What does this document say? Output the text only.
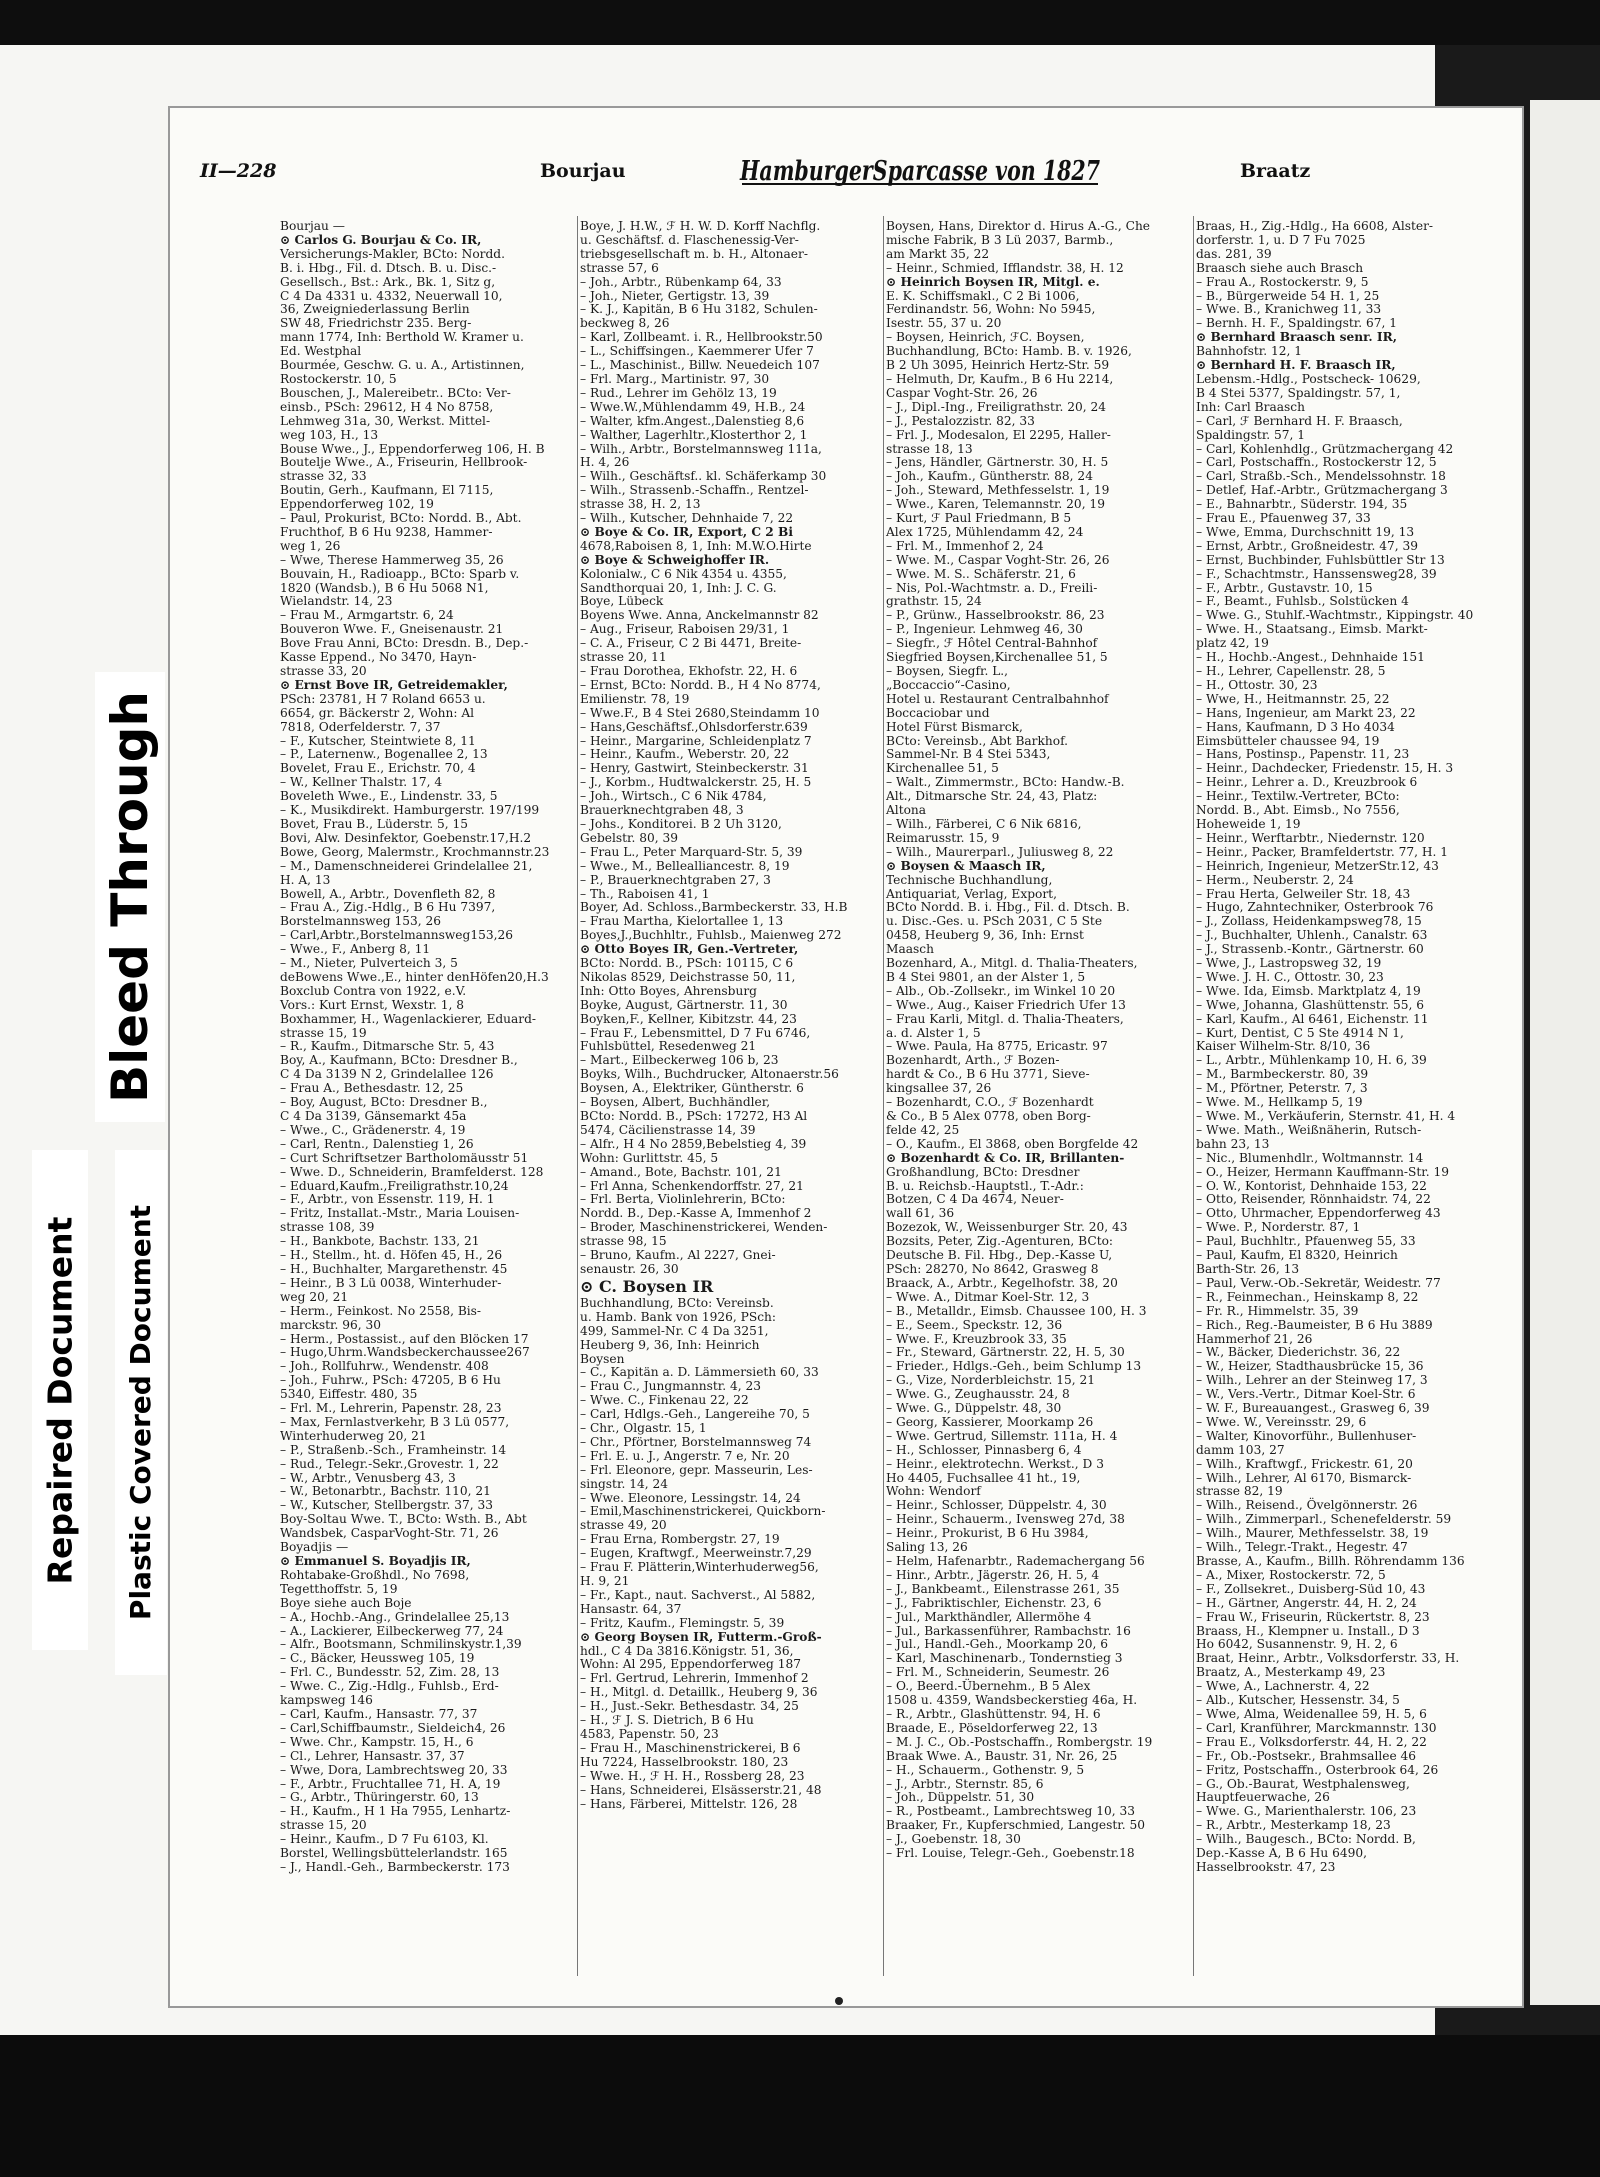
II—228	Bourjau	HamburgerSparcasse von 1827	Braatz
Bourjau —
⊙ Carlos G. Bourjau & Co. IR,
Versicherungs-Makler, BCto: Nordd.
B. i. Hbg., Fil. d. Dtsch. B. u. Disc.-
Gesellsch., Bst.: Ark., Bk. 1, Sitz g,
C 4 Da 4331 u. 4332, Neuerwall 10,
36, Zweigniederlassung Berlin
SW 48, Friedrichstr 235. Berg-
mann 1774, Inh: Berthold W. Kramer u.
Ed. Westphal
Bourmée, Geschw. G. u. A., Artistinnen,
Rostockerstr. 10, 5
Bouschen, J., Malereibetr.. BCto: Ver-
einsb., PSch: 29612, H 4 No 8758,
Lehmweg 31a, 30, Werkst. Mittel-
weg 103, H., 13
Bouse Wwe., J., Eppendorferweg 106, H. B
Boutelje Wwe., A., Friseurin, Hellbrook-
strasse 32, 33
Boutin, Gerh., Kaufmann, El 7115,
Eppendorferweg 102, 19
– Paul, Prokurist, BCto: Nordd. B., Abt.
Fruchthof, B 6 Hu 9238, Hammer-
weg 1, 26
– Wwe, Therese Hammerweg 35, 26
Bouvain, H., Radioapp., BCto: Sparb v.
1820 (Wandsb.), B 6 Hu 5068 N1,
Wielandstr. 14, 23
– Frau M., Armgartstr. 6, 24
Bouveron Wwe. F., Gneisenaustr. 21
Bove Frau Anni, BCto: Dresdn. B., Dep.-
Kasse Eppend., No 3470, Hayn-
strasse 33, 20
⊙ Ernst Bove IR, Getreidemakler,
PSch: 23781, H 7 Roland 6653 u.
6654, gr. Bäckerstr 2, Wohn: Al
7818, Oderfelderstr. 7, 37
– F., Kutscher, Steintwiete 8, 11
– P., Laternenw., Bogenallee 2, 13
Bovelet, Frau E., Erichstr. 70, 4
– W., Kellner Thalstr. 17, 4
Boveleth Wwe., E., Lindenstr. 33, 5
– K., Musikdirekt. Hamburgerstr. 197/199
Bovet, Frau B., Lüderstr. 5, 15
Bovi, Alw. Desinfektor, Goebenstr.17,H.2
Bowe, Georg, Malermstr., Krochmannstr.23
– M., Damenschneiderei Grindelallee 21,
H. A, 13
Bowell, A., Arbtr., Dovenfleth 82, 8
– Frau A., Zig.-Hdlg., B 6 Hu 7397,
Borstelmannsweg 153, 26
– Carl,Arbtr.,Borstelmannsweg153,26
– Wwe., F., Anberg 8, 11
– M., Nieter, Pulverteich 3, 5
deBowens Wwe.,E., hinter denHöfen20,H.3
Boxclub Contra von 1922, e.V.
Vors.: Kurt Ernst, Wexstr. 1, 8
Boxhammer, H., Wagenlackierer, Eduard-
strasse 15, 19
– R., Kaufm., Ditmarsche Str. 5, 43
Boy, A., Kaufmann, BCto: Dresdner B.,
C 4 Da 3139 N 2, Grindelallee 126
– Frau A., Bethesdastr. 12, 25
– Boy, August, BCto: Dresdner B.,
C 4 Da 3139, Gänsemarkt 45a
– Wwe., C., Grädenerstr. 4, 19
– Carl, Rentn., Dalenstieg 1, 26
– Curt Schriftsetzer Bartholomäusstr 51
– Wwe. D., Schneiderin, Bramfelderst. 128
– Eduard,Kaufm.,Freiligrathstr.10,24
– F., Arbtr., von Essenstr. 119, H. 1
– Fritz, Installat.-Mstr., Maria Louisen-
strasse 108, 39
– H., Bankbote, Bachstr. 133, 21
– H., Stellm., ht. d. Höfen 45, H., 26
– H., Buchhalter, Margarethenstr. 45
– Heinr., B 3 Lü 0038, Winterhuder-
weg 20, 21
– Herm., Feinkost. No 2558, Bis-
marckstr. 96, 30
– Herm., Postassist., auf den Blöcken 17
– Hugo,Uhrm.Wandsbeckerchaussee267
– Joh., Rollfuhrw., Wendenstr. 408
– Joh., Fuhrw., PSch: 47205, B 6 Hu
5340, Eiffestr. 480, 35
– Frl. M., Lehrerin, Papenstr. 28, 23
– Max, Fernlastverkehr, B 3 Lü 0577,
Winterhuderweg 20, 21
– P., Straßenb.-Sch., Framheinstr. 14
– Rud., Telegr.-Sekr.,Grovestr. 1, 22
– W., Arbtr., Venusberg 43, 3
– W., Betonarbtr., Bachstr. 110, 21
– W., Kutscher, Stellbergstr. 37, 33
Boy-Soltau Wwe. T., BCto: Wsth. B., Abt
Wandsbek, CasparVoght-Str. 71, 26
Boyadjis —
⊙ Emmanuel S. Boyadjis IR,
Rohtabake-Großhdl., No 7698,
Tegetthoffstr. 5, 19
Boye siehe auch Boje
– A., Hochb.-Ang., Grindelallee 25,13
– A., Lackierer, Eilbeckerweg 77, 24
– Alfr., Bootsmann, Schmilinskystr.1,39
– C., Bäcker, Heussweg 105, 19
– Frl. C., Bundesstr. 52, Zim. 28, 13
– Wwe. C., Zig.-Hdlg., Fuhlsb., Erd-
kampsweg 146
– Carl, Kaufm., Hansastr. 77, 37
– Carl,Schiffbaumstr., Sieldeich4, 26
– Wwe. Chr., Kampstr. 15, H., 6
– Cl., Lehrer, Hansastr. 37, 37
– Wwe, Dora, Lambrechtsweg 20, 33
– F., Arbtr., Fruchtallee 71, H. A, 19
– G., Arbtr., Thüringerstr. 60, 13
– H., Kaufm., H 1 Ha 7955, Lenhartz-
strasse 15, 20
– Heinr., Kaufm., D 7 Fu 6103, Kl.
Borstel, Wellingsbüttelerlandstr. 165
– J., Handl.-Geh., Barmbeckerstr. 173
Boye, J. H.W., ℱ H. W. D. Korff Nachflg.
u. Geschäftsf. d. Flaschenessig-Ver-
triebsgesellschaft m. b. H., Altonaer-
strasse 57, 6
– Joh., Arbtr., Rübenkamp 64, 33
– Joh., Nieter, Gertigstr. 13, 39
– K. J., Kapitän, B 6 Hu 3182, Schulen-
beckweg 8, 26
– Karl, Zollbeamt. i. R., Hellbrookstr.50
– L., Schiffsingen., Kaemmerer Ufer 7
– L., Maschinist., Billw. Neuedeich 107
– Frl. Marg., Martinistr. 97, 30
– Rud., Lehrer im Gehölz 13, 19
– Wwe.W.,Mühlendamm 49, H.B., 24
– Walter, kfm.Angest.,Dalenstieg 8,6
– Walther, Lagerhltr.,Klosterthor 2, 1
– Wilh., Arbtr., Borstelmannsweg 111a,
H. 4, 26
– Wilh., Geschäftsf.. kl. Schäferkamp 30
– Wilh., Strassenb.-Schaffn., Rentzel-
strasse 38, H. 2, 13
– Wilh., Kutscher, Dehnhaide 7, 22
⊙ Boye & Co. IR, Export, C 2 Bi
4678,Raboisen 8, 1, Inh: M.W.O.Hirte
⊙ Boye & Schweighoffer IR.
Kolonialw., C 6 Nik 4354 u. 4355,
Sandthorquai 20, 1, Inh: J. C. G.
Boye, Lübeck
Boyens Wwe. Anna, Anckelmannstr 82
– Aug., Friseur, Raboisen 29/31, 1
– C. A., Friseur, C 2 Bi 4471, Breite-
strasse 20, 11
– Frau Dorothea, Ekhofstr. 22, H. 6
– Ernst, BCto: Nordd. B., H 4 No 8774,
Emilienstr. 78, 19
– Wwe.F., B 4 Stei 2680,Steindamm 10
– Hans,Geschäftsf.,Ohlsdorferstr.639
– Heinr., Margarine, Schleidenplatz 7
– Heinr., Kaufm., Weberstr. 20, 22
– Henry, Gastwirt, Steinbeckerstr. 31
– J., Korbm., Hudtwalckerstr. 25, H. 5
– Joh., Wirtsch., C 6 Nik 4784,
Brauerknechtgraben 48, 3
– Johs., Konditorei. B 2 Uh 3120,
Gebelstr. 80, 39
– Frau L., Peter Marquard-Str. 5, 39
– Wwe., M., Bellealliancestr. 8, 19
– P., Brauerknechtgraben 27, 3
– Th., Raboisen 41, 1
Boyer, Ad. Schloss.,Barmbeckerstr. 33, H.B
– Frau Martha, Kielortallee 1, 13
Boyes,J.,Buchhltr., Fuhlsb., Maienweg 272
⊙ Otto Boyes IR, Gen.-Vertreter,
BCto: Nordd. B., PSch: 10115, C 6
Nikolas 8529, Deichstrasse 50, 11,
Inh: Otto Boyes, Ahrensburg
Boyke, August, Gärtnerstr. 11, 30
Boyken,F., Kellner, Kibitzstr. 44, 23
– Frau F., Lebensmittel, D 7 Fu 6746,
Fuhlsbüttel, Resedenweg 21
– Mart., Eilbeckerweg 106 b, 23
Boyks, Wilh., Buchdrucker, Altonaerstr.56
Boysen, A., Elektriker, Güntherstr. 6
– Boysen, Albert, Buchhändler,
BCto: Nordd. B., PSch: 17272, H3 Al
5474, Cäcilienstrasse 14, 39
– Alfr., H 4 No 2859,Bebelstieg 4, 39
Wohn: Gurlittstr. 45, 5
– Amand., Bote, Bachstr. 101, 21
– Frl Anna, Schenkendorffstr. 27, 21
– Frl. Berta, Violinlehrerin, BCto:
Nordd. B., Dep.-Kasse A, Immenhof 2
– Broder, Maschinenstrickerei, Wenden-
strasse 98, 15
– Bruno, Kaufm., Al 2227, Gnei-
senaustr. 26, 30
⊙ C. Boysen IR
Buchhandlung, BCto: Vereinsb.
u. Hamb. Bank von 1926, PSch:
499, Sammel-Nr. C 4 Da 3251,
Heuberg 9, 36, Inh: Heinrich
Boysen
– C., Kapitän a. D. Lämmersieth 60, 33
– Frau C., Jungmannstr. 4, 23
– Wwe. C., Finkenau 22, 22
– Carl, Hdlgs.-Geh., Langereihe 70, 5
– Chr., Olgastr. 15, 1
– Chr., Pförtner, Borstelmannsweg 74
– Frl. E. u. J., Angerstr. 7 e, Nr. 20
– Frl. Eleonore, gepr. Masseurin, Les-
singstr. 14, 24
– Wwe. Eleonore, Lessingstr. 14, 24
– Emil,Maschinenstrickerei, Quickborn-
strasse 49, 20
– Frau Erna, Rombergstr. 27, 19
– Eugen, Kraftwgf., Meerweinstr.7,29
– Frau F. Plätterin,Winterhuderweg56,
H. 9, 21
– Fr., Kapt., naut. Sachverst., Al 5882,
Hansastr. 64, 37
– Fritz, Kaufm., Flemingstr. 5, 39
⊙ Georg Boysen IR, Futterm.-Groß-
hdl., C 4 Da 3816.Königstr. 51, 36,
Wohn: Al 295, Eppendorferweg 187
– Frl. Gertrud, Lehrerin, Immenhof 2
– H., Mitgl. d. Detaillk., Heuberg 9, 36
– H., Just.-Sekr. Bethesdastr. 34, 25
– H., ℱ J. S. Dietrich, B 6 Hu
4583, Papenstr. 50, 23
– Frau H., Maschinenstrickerei, B 6
Hu 7224, Hasselbrookstr. 180, 23
– Wwe. H., ℱ H. H., Rossberg 28, 23
– Hans, Schneiderei, Elsässerstr.21, 48
– Hans, Färberei, Mittelstr. 126, 28
Boysen, Hans, Direktor d. Hirus A.-G., Che
mische Fabrik, B 3 Lü 2037, Barmb.,
am Markt 35, 22
– Heinr., Schmied, Ifflandstr. 38, H. 12
⊙ Heinrich Boysen IR, Mitgl. e.
E. K. Schiffsmakl., C 2 Bi 1006,
Ferdinandstr. 56, Wohn: No 5945,
Isestr. 55, 37 u. 20
– Boysen, Heinrich, ℱC. Boysen,
Buchhandlung, BCto: Hamb. B. v. 1926,
B 2 Uh 3095, Heinrich Hertz-Str. 59
– Helmuth, Dr, Kaufm., B 6 Hu 2214,
Caspar Voght-Str. 26, 26
– J., Dipl.-Ing., Freiligrathstr. 20, 24
– J., Pestalozzistr. 82, 33
– Frl. J., Modesalon, El 2295, Haller-
strasse 18, 13
– Jens, Händler, Gärtnerstr. 30, H. 5
– Joh., Kaufm., Güntherstr. 88, 24
– Joh., Steward, Methfesselstr. 1, 19
– Wwe., Karen, Telemannstr. 20, 19
– Kurt, ℱ Paul Friedmann, B 5
Alex 1725, Mühlendamm 42, 24
– Frl. M., Immenhof 2, 24
– Wwe. M., Caspar Voght-Str. 26, 26
– Wwe. M. S.. Schäferstr. 21, 6
– Nis, Pol.-Wachtmstr. a. D., Freili-
grathstr. 15, 24
– P., Grünw., Hasselbrookstr. 86, 23
– P., Ingenieur. Lehmweg 46, 30
– Siegfr., ℱ Hôtel Central-Bahnhof
Siegfried Boysen,Kirchenallee 51, 5
– Boysen, Siegfr. L.,
„Boccaccio“-Casino,
Hotel u. Restaurant Centralbahnhof
Boccaciobar und
Hotel Fürst Bismarck,
BCto: Vereinsb., Abt Barkhof.
Sammel-Nr. B 4 Stei 5343,
Kirchenallee 51, 5
– Walt., Zimmermstr., BCto: Handw.-B.
Alt., Ditmarsche Str. 24, 43, Platz:
Altona
– Wilh., Färberei, C 6 Nik 6816,
Reimarusstr. 15, 9
– Wilh., Maurerparl., Juliusweg 8, 22
⊙ Boysen & Maasch IR,
Technische Buchhandlung,
Antiquariat, Verlag, Export,
BCto Nordd. B. i. Hbg., Fil. d. Dtsch. B.
u. Disc.-Ges. u. PSch 2031, C 5 Ste
0458, Heuberg 9, 36, Inh: Ernst
Maasch
Bozenhard, A., Mitgl. d. Thalia-Theaters,
B 4 Stei 9801, an der Alster 1, 5
– Alb., Ob.-Zollsekr., im Winkel 10 20
– Wwe., Aug., Kaiser Friedrich Ufer 13
– Frau Karli, Mitgl. d. Thalia-Theaters,
a. d. Alster 1, 5
– Wwe. Paula, Ha 8775, Ericastr. 97
Bozenhardt, Arth., ℱ Bozen-
hardt & Co., B 6 Hu 3771, Sieve-
kingsallee 37, 26
– Bozenhardt, C.O., ℱ Bozenhardt
& Co., B 5 Alex 0778, oben Borg-
felde 42, 25
– O., Kaufm., El 3868, oben Borgfelde 42
⊙ Bozenhardt & Co. IR, Brillanten-
Großhandlung, BCto: Dresdner
B. u. Reichsb.-Hauptstl., T.-Adr.:
Botzen, C 4 Da 4674, Neuer-
wall 61, 36
Bozezok, W., Weissenburger Str. 20, 43
Bozsits, Peter, Zig.-Agenturen, BCto:
Deutsche B. Fil. Hbg., Dep.-Kasse U,
PSch: 28270, No 8642, Grasweg 8
Braack, A., Arbtr., Kegelhofstr. 38, 20
– Wwe. A., Ditmar Koel-Str. 12, 3
– B., Metalldr., Eimsb. Chaussee 100, H. 3
– E., Seem., Speckstr. 12, 36
– Wwe. F., Kreuzbrook 33, 35
– Fr., Steward, Gärtnerstr. 22, H. 5, 30
– Frieder., Hdlgs.-Geh., beim Schlump 13
– G., Vize, Norderbleichstr. 15, 21
– Wwe. G., Zeughausstr. 24, 8
– Wwe. G., Düppelstr. 48, 30
– Georg, Kassierer, Moorkamp 26
– Wwe. Gertrud, Sillemstr. 111a, H. 4
– H., Schlosser, Pinnasberg 6, 4
– Heinr., elektrotechn. Werkst., D 3
Ho 4405, Fuchsallee 41 ht., 19,
Wohn: Wendorf
– Heinr., Schlosser, Düppelstr. 4, 30
– Heinr., Schauerm., Ivensweg 27d, 38
– Heinr., Prokurist, B 6 Hu 3984,
Saling 13, 26
– Helm, Hafenarbtr., Rademachergang 56
– Hinr., Arbtr., Jägerstr. 26, H. 5, 4
– J., Bankbeamt., Eilenstrasse 261, 35
– J., Fabriktischler, Eichenstr. 23, 6
– Jul., Markthändler, Allermöhe 4
– Jul., Barkassenführer, Rambachstr. 16
– Jul., Handl.-Geh., Moorkamp 20, 6
– Karl, Maschinenarb., Tondernstieg 3
– Frl. M., Schneiderin, Seumestr. 26
– O., Beerd.-Übernehm., B 5 Alex
1508 u. 4359, Wandsbeckerstieg 46a, H.
– R., Arbtr., Glashüttenstr. 94, H. 6
Braade, E., Pöseldorferweg 22, 13
– M. J. C., Ob.-Postschaffn., Rombergstr. 19
Braak Wwe. A., Baustr. 31, Nr. 26, 25
– H., Schauerm., Gothenstr. 9, 5
– J., Arbtr., Sternstr. 85, 6
– Joh., Düppelstr. 51, 30
– R., Postbeamt., Lambrechtsweg 10, 33
Braaker, Fr., Kupferschmied, Langestr. 50
– J., Goebenstr. 18, 30
– Frl. Louise, Telegr.-Geh., Goebenstr.18
Braas, H., Zig.-Hdlg., Ha 6608, Alster-
dorferstr. 1, u. D 7 Fu 7025
das. 281, 39
Braasch siehe auch Brasch
– Frau A., Rostockerstr. 9, 5
– B., Bürgerweide 54 H. 1, 25
– Wwe. B., Kranichweg 11, 33
– Bernh. H. F., Spaldingstr. 67, 1
⊙ Bernhard Braasch senr. IR,
Bahnhofstr. 12, 1
⊙ Bernhard H. F. Braasch IR,
Lebensm.-Hdlg., Postscheck- 10629,
B 4 Stei 5377, Spaldingstr. 57, 1,
Inh: Carl Braasch
– Carl, ℱ Bernhard H. F. Braasch,
Spaldingstr. 57, 1
– Carl, Kohlenhdlg., Grützmachergang 42
– Carl, Postschaffn., Rostockerstr 12, 5
– Carl, Straßb.-Sch., Mendelssohnstr. 18
– Detlef, Haf.-Arbtr., Grützmachergang 3
– E., Bahnarbtr., Süderstr. 194, 35
– Frau E., Pfauenweg 37, 33
– Wwe, Emma, Durchschnitt 19, 13
– Ernst, Arbtr., Großneidestr. 47, 39
– Ernst, Buchbinder, Fuhlsbüttler Str 13
– F., Schachtmstr., Hanssensweg28, 39
– F., Arbtr., Gustavstr. 10, 15
– F., Beamt., Fuhlsb., Solstücken 4
– Wwe. G., Stuhlf.-Wachtmstr., Kippingstr. 40
– Wwe. H., Staatsang., Eimsb. Markt-
platz 42, 19
– H., Hochb.-Angest., Dehnhaide 151
– H., Lehrer, Capellenstr. 28, 5
– H., Ottostr. 30, 23
– Wwe, H., Heitmannstr. 25, 22
– Hans, Ingenieur, am Markt 23, 22
– Hans, Kaufmann, D 3 Ho 4034
Eimsbütteler chaussee 94, 19
– Hans, Postinsp., Papenstr. 11, 23
– Heinr., Dachdecker, Friedenstr. 15, H. 3
– Heinr., Lehrer a. D., Kreuzbrook 6
– Heinr., Textilw.-Vertreter, BCto:
Nordd. B., Abt. Eimsb., No 7556,
Hoheweide 1, 19
– Heinr., Werftarbtr., Niedernstr. 120
– Heinr., Packer, Bramfeldertstr. 77, H. 1
– Heinrich, Ingenieur, MetzerStr.12, 43
– Herm., Neuberstr. 2, 24
– Frau Herta, Gelweiler Str. 18, 43
– Hugo, Zahntechniker, Osterbrook 76
– J., Zollass, Heidenkampsweg78, 15
– J., Buchhalter, Uhlenh., Canalstr. 63
– J., Strassenb.-Kontr., Gärtnerstr. 60
– Wwe, J., Lastropsweg 32, 19
– Wwe. J. H. C., Ottostr. 30, 23
– Wwe. Ida, Eimsb. Marktplatz 4, 19
– Wwe, Johanna, Glashüttenstr. 55, 6
– Karl, Kaufm., Al 6461, Eichenstr. 11
– Kurt, Dentist, C 5 Ste 4914 N 1,
Kaiser Wilhelm-Str. 8/10, 36
– L., Arbtr., Mühlenkamp 10, H. 6, 39
– M., Barmbeckerstr. 80, 39
– M., Pförtner, Peterstr. 7, 3
– Wwe. M., Hellkamp 5, 19
– Wwe. M., Verkäuferin, Sternstr. 41, H. 4
– Wwe. Math., Weißnäherin, Rutsch-
bahn 23, 13
– Nic., Blumenhdlr., Woltmannstr. 14
– O., Heizer, Hermann Kauffmann-Str. 19
– O. W., Kontorist, Dehnhaide 153, 22
– Otto, Reisender, Rönnhaidstr. 74, 22
– Otto, Uhrmacher, Eppendorferweg 43
– Wwe. P., Norderstr. 87, 1
– Paul, Buchhltr., Pfauenweg 55, 33
– Paul, Kaufm, El 8320, Heinrich
Barth-Str. 26, 13
– Paul, Verw.-Ob.-Sekretär, Weidestr. 77
– R., Feinmechan., Heinskamp 8, 22
– Fr. R., Himmelstr. 35, 39
– Rich., Reg.-Baumeister, B 6 Hu 3889
Hammerhof 21, 26
– W., Bäcker, Diederichstr. 36, 22
– W., Heizer, Stadthausbrücke 15, 36
– Wilh., Lehrer an der Steinweg 17, 3
– W., Vers.-Vertr., Ditmar Koel-Str. 6
– W. F., Bureauangest., Grasweg 6, 39
– Wwe. W., Vereinsstr. 29, 6
– Walter, Kinovorführ., Bullenhuser-
damm 103, 27
– Wilh., Kraftwgf., Frickestr. 61, 20
– Wilh., Lehrer, Al 6170, Bismarck-
strasse 82, 19
– Wilh., Reisend., Övelgönnerstr. 26
– Wilh., Zimmerparl., Schenefelderstr. 59
– Wilh., Maurer, Methfesselstr. 38, 19
– Wilh., Telegr.-Trakt., Hegestr. 47
Brasse, A., Kaufm., Billh. Röhrendamm 136
– A., Mixer, Rostockerstr. 72, 5
– F., Zollsekret., Duisberg-Süd 10, 43
– H., Gärtner, Angerstr. 44, H. 2, 24
– Frau W., Friseurin, Rückertstr. 8, 23
Braass, H., Klempner u. Install., D 3
Ho 6042, Susannenstr. 9, H. 2, 6
Braat, Heinr., Arbtr., Volksdorferstr. 33, H.
Braatz, A., Mesterkamp 49, 23
– Wwe, A., Lachnerstr. 4, 22
– Alb., Kutscher, Hessenstr. 34, 5
– Wwe, Alma, Weidenallee 59, H. 5, 6
– Carl, Kranführer, Marckmannstr. 130
– Frau E., Volksdorferstr. 44, H. 2, 22
– Fr., Ob.-Postsekr., Brahmsallee 46
– Fritz, Postschaffn., Osterbrook 64, 26
– G., Ob.-Baurat, Westphalensweg,
Hauptfeuerwache, 26
– Wwe. G., Marienthalerstr. 106, 23
– R., Arbtr., Mesterkamp 18, 23
– Wilh., Baugesch., BCto: Nordd. B,
Dep.-Kasse A, B 6 Hu 6490,
Hasselbrookstr. 47, 23
Bleed Through
Repaired Document Plastic Covered Document
